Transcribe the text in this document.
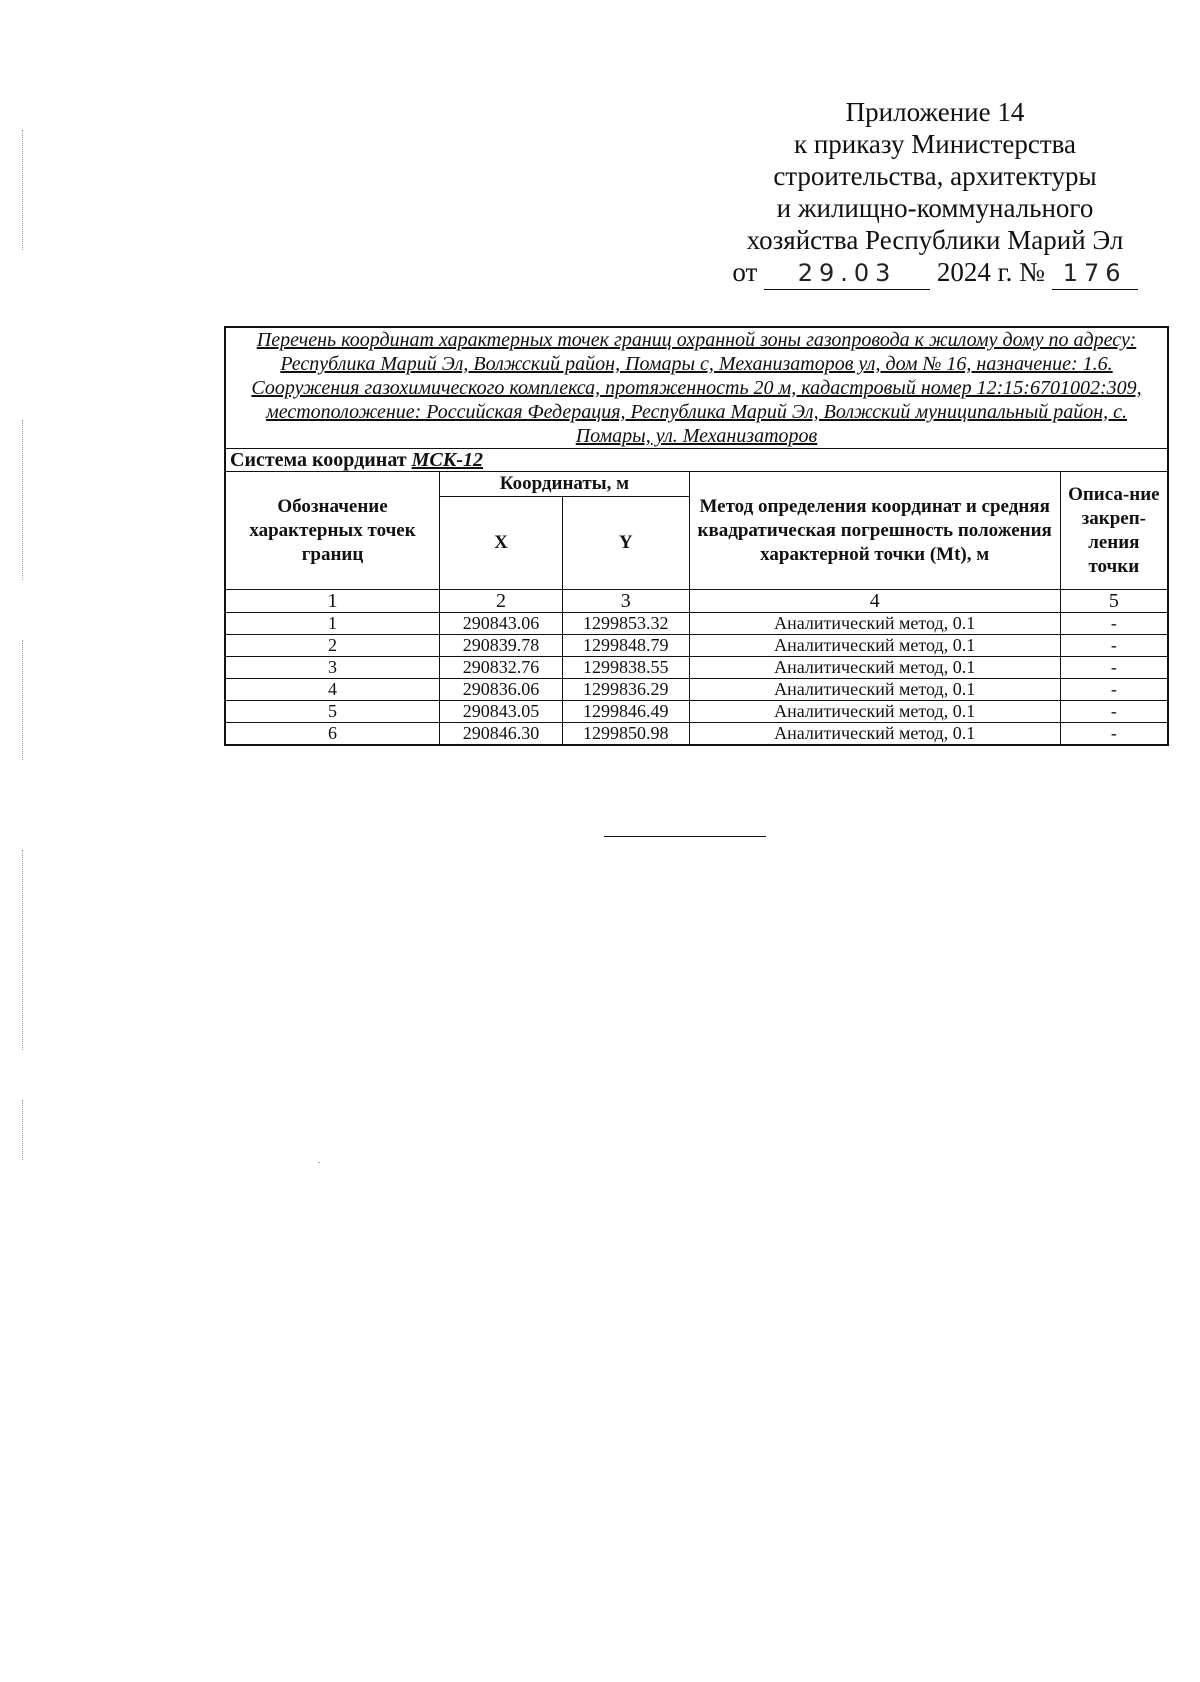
Приложение 14
к приказу Министерства
строительства, архитектуры
и жилищно-коммунального
хозяйства Республики Марий Эл
от 29.03 2024 г. № 176
Перечень координат характерных точек границ охранной зоны газопровода к жилому дому по адресу: Республика Марий Эл, Волжский район, Помары с, Механизаторов ул, дом № 16, назначение: 1.6. Сооружения газохимического комплекса, протяженность 20 м, кадастровый номер 12:15:6701002:309, местоположение: Российская Федерация, Республика Марий Эл, Волжский муниципальный район, с. Помары, ул. Механизаторов				
Система координат МСК-12				
Обозначение характерных точек границ	Координаты, м		Метод определения координат и средняя квадратическая погрешность положения характерной точки (Mt), м	Описа-ние закреп-ления точки
	X	Y		
1	2	3	4	5
1	290843.06	1299853.32	Аналитический метод, 0.1	-
2	290839.78	1299848.79	Аналитический метод, 0.1	-
3	290832.76	1299838.55	Аналитический метод, 0.1	-
4	290836.06	1299836.29	Аналитический метод, 0.1	-
5	290843.05	1299846.49	Аналитический метод, 0.1	-
6	290846.30	1299850.98	Аналитический метод, 0.1	-
